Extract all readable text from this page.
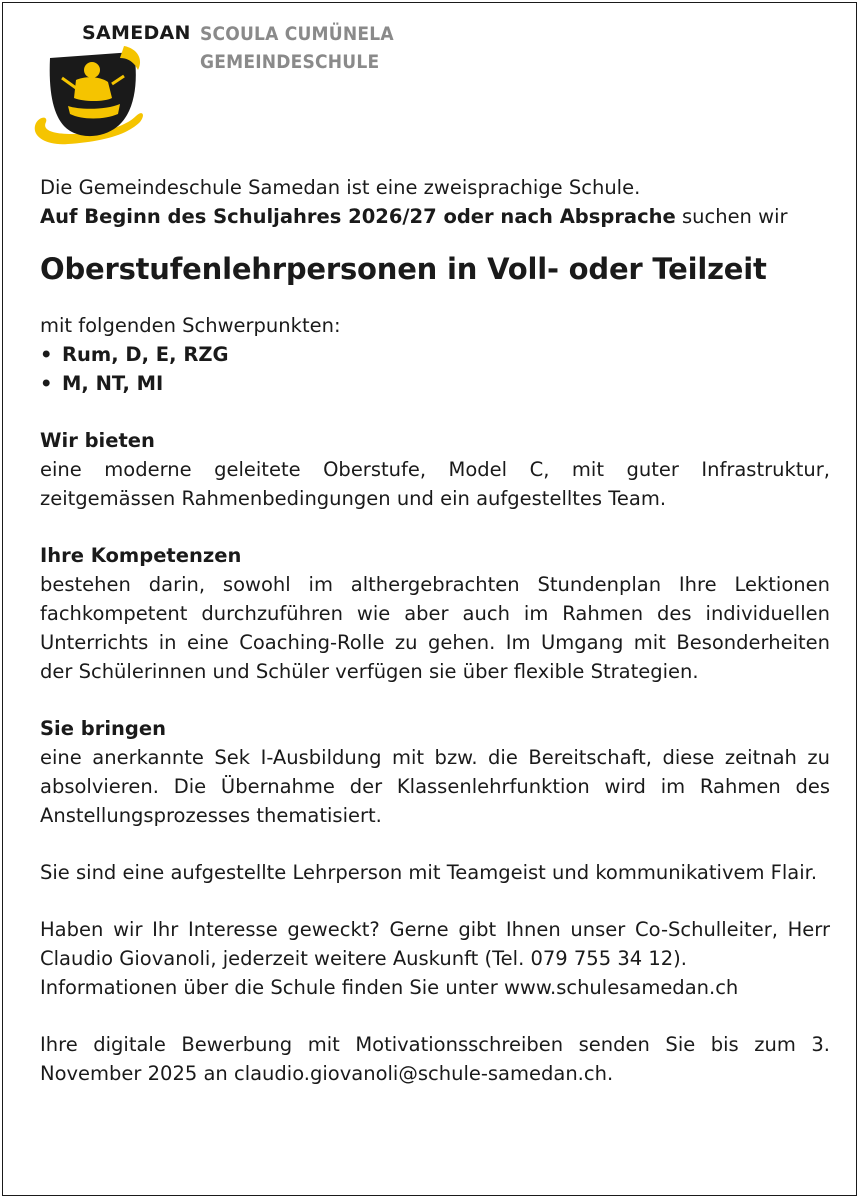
SAMEDAN SCOULA CUMÜNELA
GEMEINDESCHULE

Die Gemeindeschule Samedan ist eine zweisprachige Schule.

Auf Beginn des Schuljahres 2026/27 oder nach Absprache suchen wir

Oberstufenlehrpersonen in Voll- oder Teilzeit

mit folgenden Schwerpunkten:

• Rum, D, E, RZG
• M, NT, MI

Wir bieten

eine moderne geleitete Oberstufe, Model C, mit guter Infrastruktur, zeitgemässen Rahmenbedingungen und ein aufgestelltes Team.

Ihre Kompetenzen

bestehen darin, sowohl im althergebrachten Stundenplan Ihre Lektionen fachkompetent durchzuführen wie aber auch im Rahmen des individuellen Unterrichts in eine Coaching-Rolle zu gehen. Im Umgang mit Besonderheiten der Schülerinnen und Schüler verfügen sie über flexible Strategien.

Sie bringen

eine anerkannte Sek I-Ausbildung mit bzw. die Bereitschaft, diese zeitnah zu absolvieren. Die Übernahme der Klassenlehrfunktion wird im Rahmen des Anstellungsprozesses thematisiert.

Sie sind eine aufgestellte Lehrperson mit Teamgeist und kommunikativem Flair.

Haben wir Ihr Interesse geweckt? Gerne gibt Ihnen unser Co-Schulleiter, Herr Claudio Giovanoli, jederzeit weitere Auskunft (Tel. 079 755 34 12).

Informationen über die Schule finden Sie unter www.schulesamedan.ch

Ihre digitale Bewerbung mit Motivationsschreiben senden Sie bis zum 3. November 2025 an claudio.giovanoli@schule-samedan.ch.
